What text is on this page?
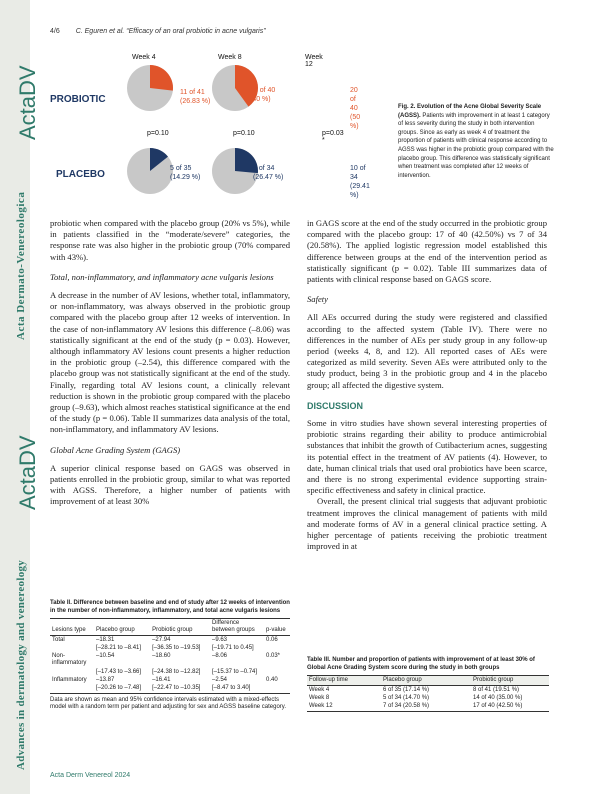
ActaDV
Acta Dermato-Venereologica
ActaDV
Advances in dermatology and venereology
4/6 C. Eguren et al. “Efficacy of an oral probiotic in acne vulgaris”
Week 4	Week 8	Week 12
PROBIOTIC
PLACEBO
11 of 41
(26.83 %)
16 of 40
(40 %)
20 of 40
(50 %)
p=0.10	p=0.10	p=0.03 *
5 of 35
(14.29 %)
9 of 34
(26.47 %)
10 of 34
(29.41 %)
Fig. 2. Evolution of the Acne Global Severity Scale (AGSS). Patients with improvement in at least 1 category of less severity during the study in both intervention groups. Since as early as week 4 of treatment the proportion of patients with clinical response according to AGSS was higher in the probiotic group compared with the placebo group. This difference was statistically significant when treatment was completed after 12 weeks of intervention.

probiotic when compared with the placebo group (20% vs 5%), while in patients classified in the “moderate/severe” categories, the response rate was also higher in the probiotic group (70% compared with 43%).

Total, non-inflammatory, and inflammatory acne vulgaris lesions

A decrease in the number of AV lesions, whether total, inflammatory, or non-inflammatory, was always observed in the probiotic group compared with the placebo group after 12 weeks of intervention. In the case of non-inflammatory AV lesions this difference (–8.06) was statistically significant at the end of the study (p = 0.03). However, although inflammatory AV lesions count presents a higher reduction in the probiotic group (–2.54), this difference compared with the placebo group was not statistically significant at the end of the study. Finally, regarding total AV lesions count, a clinically relevant reduction is shown in the probiotic group compared with the placebo group (–9.63), which almost reaches statistical significance at the end of the study (p = 0.06). Table II summarizes data analysis of the total, non-inflammatory, and inflammatory AV lesions.

Global Acne Grading System (GAGS)

A superior clinical response based on GAGS was observed in patients enrolled in the probiotic group, similar to what was reported with AGSS. Therefore, a higher number of patients with improvement of at least 30%

in GAGS score at the end of the study occurred in the probiotic group compared with the placebo group: 17 of 40 (42.50%) vs 7 of 34 (20.58%). The applied logistic regression model established this difference between groups at the end of the intervention period as statistically significant (p = 0.02). Table III summarizes data of patients with clinical response based on GAGS score.

Safety

All AEs occurred during the study were registered and classified according to the affected system (Table IV). There were no differences in the number of AEs per study group in any follow-up period (weeks 4, 8, and 12). All reported cases of AEs were categorized as mild severity. Seven AEs were attributed only to the study product, being 3 in the probiotic group and 4 in the placebo group; all affected the digestive system.

DISCUSSION

Some in vitro studies have shown several interesting properties of probiotic strains regarding their ability to produce antimicrobial substances that inhibit the growth of Cutibacterium acnes, suggesting its potential effect in the treatment of AV patients (4). However, to date, human clinical trials that used oral probiotics have been scarce, and there is no strong experimental evidence supporting strain-specific effectiveness and safety in clinical practice.

Overall, the present clinical trial suggests that adjuvant probiotic treatment improves the clinical management of patients with mild and moderate forms of AV in a general clinical practice setting. A higher percentage of patients receiving the probiotic treatment improved in at

Table II. Difference between baseline and end of study after 12 weeks of intervention in the number of non-inflammatory, inflammatory, and total acne vulgaris lesions
Lesions type	Placebo group	Probiotic group	Difference between groups	p-value
Total	–18.31	–27.94	–9.63	0.06
	[–28.21 to –8.41]	[–36.35 to –19.53]	[–19.71 to 0.45]	
Non-inflammatory	–10.54	–18.60	–8.06	0.03*
	[–17.43 to –3.66]	[–24.38 to –12.82]	[–15.37 to –0.74]	
Inflammatory	–13.87	–16.41	–2.54	0.40
	[–20.26 to –7.48]	[–22.47 to –10.35]	[–8.47 to 3.40]	
Data are shown as mean and 95% confidence intervals estimated with a mixed-effects model with a random term per patient and adjusting for sex and AGSS baseline category.
Table III. Number and proportion of patients with improvement of at least 30% of Global Acne Grading System score during the study in both groups
Follow-up time	Placebo group	Probiotic group
Week 4	6 of 35 (17.14 %)	8 of 41 (19.51 %)
Week 8	5 of 34 (14.70 %)	14 of 40 (35.00 %)
Week 12	7 of 34 (20.58 %)	17 of 40 (42.50 %)
Acta Derm Venereol 2024
